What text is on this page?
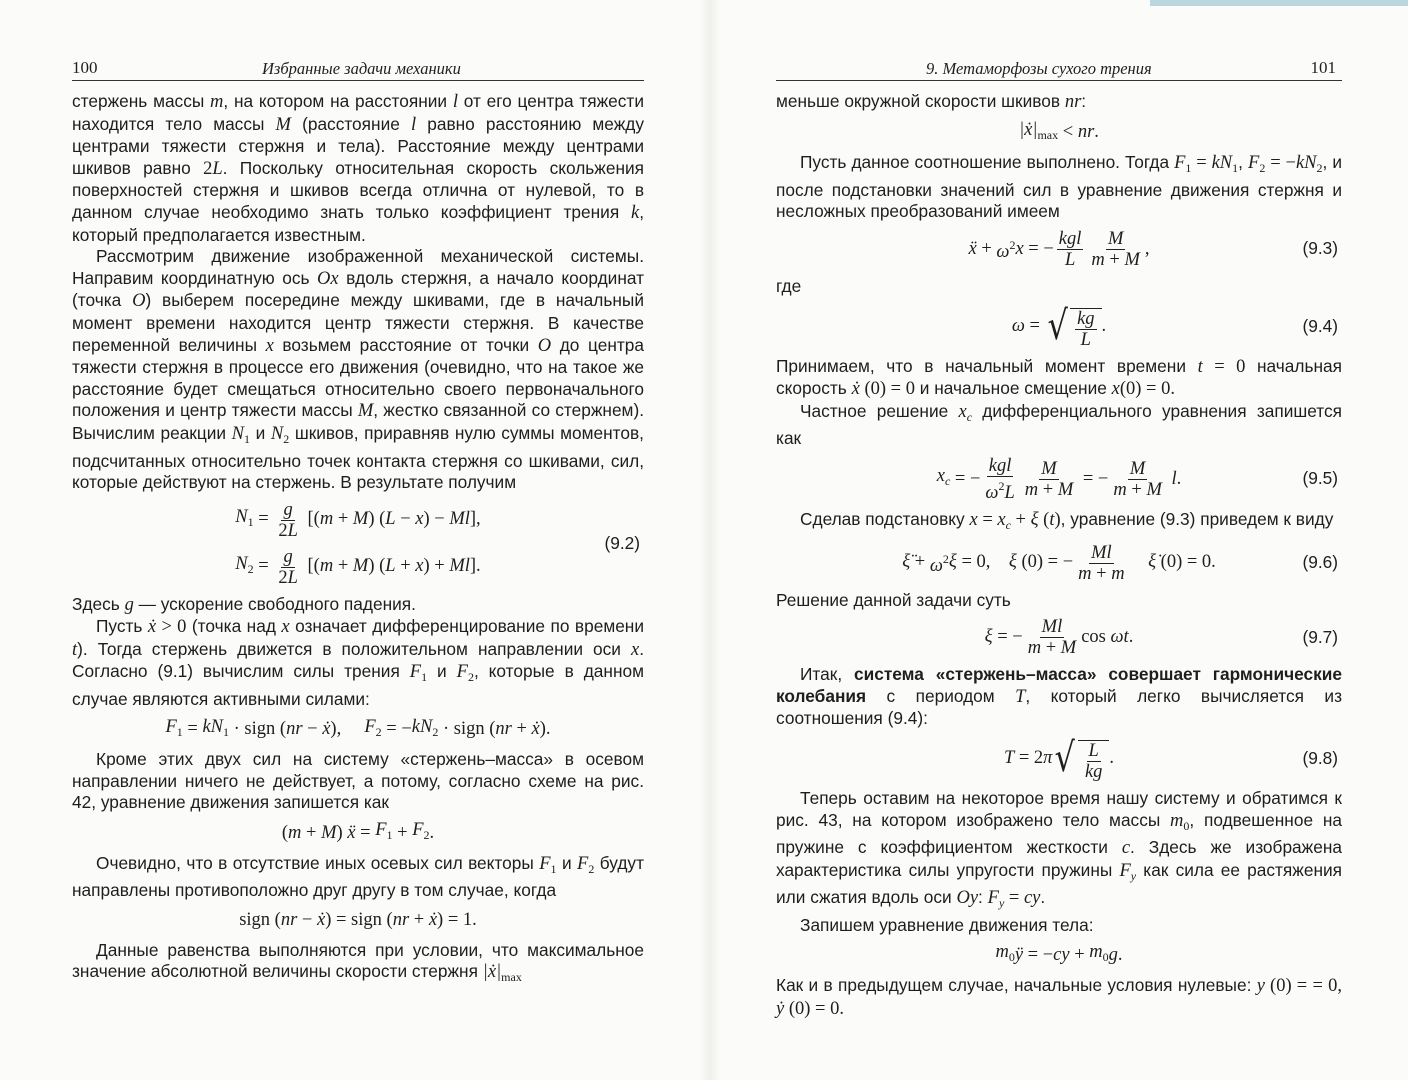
100	Избранные задачи механики

стержень массы m, на котором на расстоянии l от его центра тяжести находится тело массы M (расстояние l равно расстоянию между центрами тяжести стержня и тела). Расстояние между центрами шкивов равно 2L. Поскольку относительная скорость скольжения поверхностей стержня и шкивов всегда отлична от нулевой, то в данном случае необходимо знать только коэффициент трения k, который предполагается известным.

Рассмотрим движение изображенной механической системы. Направим координатную ось Ox вдоль стержня, а начало координат (точка O) выберем посередине между шкивами, где в начальный момент времени находится центр тяжести стержня. В качестве переменной величины x возьмем расстояние от точки O до центра тяжести стержня в процессе его движения (очевидно, что на такое же расстояние будет смещаться относительно своего первоначального положения и центр тяжести массы M, жестко связанной со стержнем). Вычислим реакции $N_1$ и $N_2$ шкивов, приравняв нулю суммы моментов, подсчитанных относительно точек контакта стержня со шкивами, сил, которые действуют на стержень. В результате получим

$N_1 = \frac{g}{2L}$ [( m + M ) ( L − x ) − Ml ],
$N_2 = \frac{g}{2L}$ [( m + M ) ( L + x ) + Ml ].
(9.2)

Здесь g — ускорение свободного падения.

Пусть ẋ > 0 (точка над x означает дифференцирование по времени t). Тогда стержень движется в положительном направлении оси x. Согласно (9.1) вычислим силы трения $F_1$ и $F_2$, которые в данном случае являются активными силами:

$F_1 = kN_1$ · sign ( nr − ẋ ), $F_2$ = − $kN_2$ · sign ( nr + ẋ ).

Кроме этих двух сил на систему «стержень–масса» в осевом направлении ничего не действует, а потому, согласно схеме на рис. 42, уравнение движения запишется как

( m + M ) ẍ = $F_1 + F_2$ .

Очевидно, что в отсутствие иных осевых сил векторы $F_1$ и $F_2$ будут направлены противоположно друг другу в том случае, когда

sign ( nr − ẋ ) = sign ( nr + ẋ ) = 1.

Данные равенства выполняются при условии, что максимальное значение абсолютной величины скорости стержня $|ẋ|_{max}$

9. Метаморфозы сухого трения	101

меньше окружной скорости шкивов nr:

$|ẋ|_{max}$ < nr .

Пусть данное соотношение выполнено. Тогда $F_1 = kN_1$, $F_2 = -kN_2$, и после подстановки значений сил в уравнение движения стержня и несложных преобразований имеем

ẍ + $\omega^2$ x = − $\frac{\text{kgl}}{L} \frac{M}{m + M}$ ,	(9.3)

где

ω = √ $\frac{kg}{L}$ .	(9.4)

Принимаем, что в начальный момент времени t = 0 начальная скорость ẋ (0) = 0 и начальное смещение x(0) = 0.

Частное решение $x_c$ дифференциального уравнения запишется как

$x_c$ = − $\frac{\text{kgl}}{\omega^2L} \frac{M}{m + M}$ = − $\frac{M}{m + M}$ l .	(9.5)

Сделав подстановку $x = x_c + \xi$ (t), уравнение (9.3) приведем к виду

ξ̈ + $\omega^2$ ξ = 0, ξ (0) = − $\frac{Ml}{m + m}$
ξ̇ (0) = 0.	(9.6)

Решение данной задачи суть

ξ = − $\frac{Ml}{m + M}$ cos ωt .	(9.7)

Итак, система «стержень–масса» совершает гармонические колебания с периодом T, который легко вычисляется из соотношения (9.4):

T = 2 π √ $\frac{L}{kg}$ .	(9.8)

Теперь оставим на некоторое время нашу систему и обратимся к рис. 43, на котором изображено тело массы $m_0$, подвешенное на пружине с коэффициентом жесткости c. Здесь же изображена характеристика силы упругости пружины $F_y$ как сила ее растяжения или сжатия вдоль оси Oy: $F_y$ = cy.

Запишем уравнение движения тела:

$m_0$ ÿ = − cy + $m_0$ g .

Как и в предыдущем случае, начальные условия нулевые: y (0) = = 0, ẏ (0) = 0.
